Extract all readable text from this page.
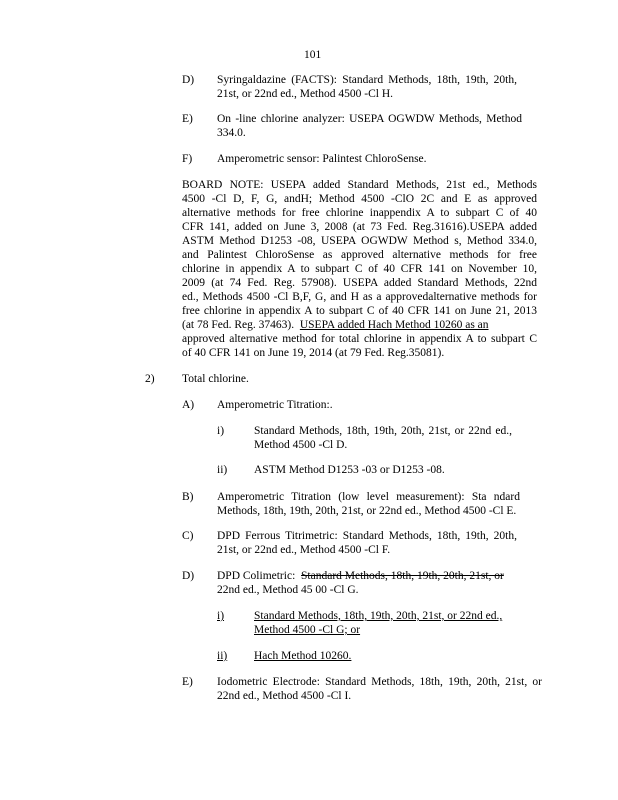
101
D) Syringaldazine (FACTS): Standard Methods, 18th, 19th, 20th,
21st, or 22nd ed., Method 4500 -Cl H.
E) On -line chlorine analyzer: USEPA OGWDW Methods, Method
334.0.
F) Amperometric sensor: Palintest ChloroSense.
BOARD NOTE: USEPA added Standard Methods, 21st ed., Methods
4500 -Cl D, F, G, andH; Method 4500 -ClO 2C and E as approved
alternative methods for free chlorine inappendix A to subpart C of 40
CFR 141, added on June 3, 2008 (at 73 Fed. Reg.31616).USEPA added
ASTM Method D1253 -08, USEPA OGWDW Method s, Method 334.0,
and Palintest ChloroSense as approved alternative methods for free
chlorine in appendix A to subpart C of 40 CFR 141 on November 10,
2009 (at 74 Fed. Reg. 57908). USEPA added Standard Methods, 22nd
ed., Methods 4500 -Cl B,F, G, and H as a approvedalternative methods for
free chlorine in appendix A to subpart C of 40 CFR 141 on June 21, 2013
(at 78 Fed. Reg. 37463). USEPA added Hach Method 10260 as an
approved alternative method for total chlorine in appendix A to subpart C
of 40 CFR 141 on June 19, 2014 (at 79 Fed. Reg.35081).
2) Total chlorine.
A) Amperometric Titration:.
i)	Standard Methods, 18th, 19th, 20th, 21st, or 22nd ed.,
Method 4500 -Cl D.
ii) ASTM Method D1253 -03 or D1253 -08.
B) Amperometric Titration (low level measurement): Sta ndard
Methods, 18th, 19th, 20th, 21st, or 22nd ed., Method 4500 -Cl E.
C) DPD Ferrous Titrimetric: Standard Methods, 18th, 19th, 20th,
21st, or 22nd ed., Method 4500 -Cl F.
D) DPD Colimetric: Standard Methods, 18th, 19th, 20th, 21st, or
22nd ed., Method 45 00 -Cl G.
i)	Standard Methods, 18th, 19th, 20th, 21st, or 22nd ed.,
Method 4500 -Cl G; or
ii)	Hach Method 10260.
E) Iodometric Electrode: Standard Methods, 18th, 19th, 20th, 21st, or
22nd ed., Method 4500 -Cl I.
